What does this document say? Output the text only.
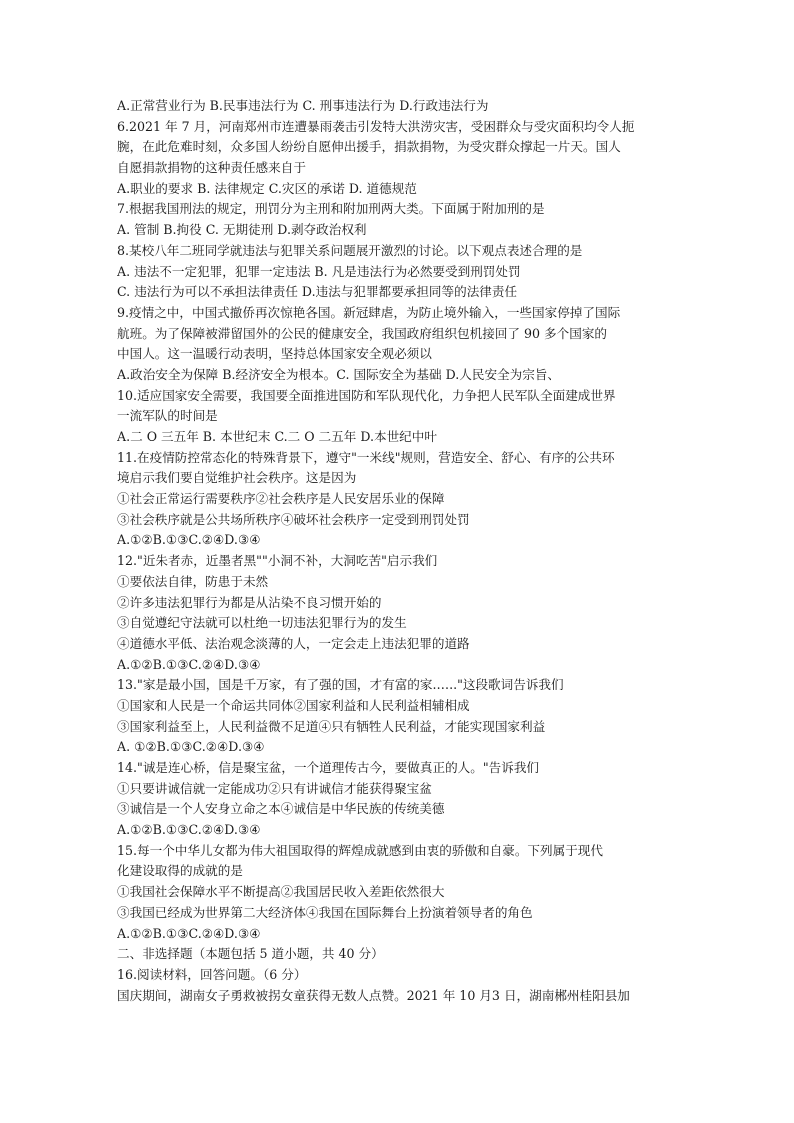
A.正常营业行为 B.民事违法行为 C. 刑事违法行为 D.行政违法行为
6.2021 年 7 月，河南郑州市连遭暴雨袭击引发特大洪涝灾害，受困群众与受灾面积均令人扼
腕，在此危难时刻，众多国人纷纷自愿伸出援手，捐款捐物，为受灾群众撑起一片天。国人
自愿捐款捐物的这种责任感来自于
A.职业的要求 B. 法律规定 C.灾区的承诺 D. 道德规范
7.根据我国刑法的规定，刑罚分为主刑和附加刑两大类。下面属于附加刑的是
A. 管制 B.拘役 C. 无期徒刑 D.剥夺政治权利
8.某校八年二班同学就违法与犯罪关系问题展开激烈的讨论。以下观点表述合理的是
A. 违法不一定犯罪，犯罪一定违法 B. 凡是违法行为必然要受到刑罚处罚
C. 违法行为可以不承担法律责任 D.违法与犯罪都要承担同等的法律责任
9.疫情之中，中国式撤侨再次惊艳各国。新冠肆虐，为防止境外输入，一些国家停掉了国际
航班。为了保障被滞留国外的公民的健康安全，我国政府组织包机接回了 90 多个国家的
中国人。这一温暖行动表明，坚持总体国家安全观必须以
A.政治安全为保障 B.经济安全为根本。C. 国际安全为基础 D.人民安全为宗旨、
10.适应国家安全需要，我国要全面推进国防和军队现代化，力争把人民军队全面建成世界
一流军队的时间是
A.二 O 三五年 B. 本世纪末 C.二 O 二五年 D.本世纪中叶
11.在疫情防控常态化的特殊背景下，遵守"一米线"规则，营造安全、舒心、有序的公共环
境启示我们要自觉维护社会秩序。这是因为
①社会正常运行需要秩序②社会秩序是人民安居乐业的保障
③社会秩序就是公共场所秩序④破坏社会秩序一定受到刑罚处罚
A.①②B.①③C.②④D.③④
12."近朱者赤，近墨者黑""小洞不补，大洞吃苦"启示我们
①要依法自律，防患于未然
②许多违法犯罪行为都是从沾染不良习惯开始的
③自觉遵纪守法就可以杜绝一切违法犯罪行为的发生
④道德水平低、法治观念淡薄的人，一定会走上违法犯罪的道路
A.①②B.①③C.②④D.③④
13."家是最小国，国是千万家，有了强的国，才有富的家.….."这段歌词告诉我们
①国家和人民是一个命运共同体②国家利益和人民利益相辅相成
③国家利益至上，人民利益微不足道④只有牺牲人民利益，才能实现国家利益
A. ①②B.①③C.②④D.③④
14."诚是连心桥，信是聚宝盆，一个道理传古今，要做真正的人。"告诉我们
①只要讲诚信就一定能成功②只有讲诚信才能获得聚宝盆
③诚信是一个人安身立命之本④诚信是中华民族的传统美德
A.①②B.①③C.②④D.③④
15.每一个中华儿女都为伟大祖国取得的辉煌成就感到由衷的骄傲和自豪。下列属于现代
化建设取得的成就的是
①我国社会保障水平不断提高②我国居民收入差距依然很大
③我国已经成为世界第二大经济体④我国在国际舞台上扮演着领导者的角色
A.①②B.①③C.②④D.③④
二、非选择题（本题包括 5 道小题，共 40 分）
16.阅读材料，回答问题。（6 分）
国庆期间，湖南女子勇救被拐女童获得无数人点赞。2021 年 10 月3 日，湖南郴州桂阳县加
